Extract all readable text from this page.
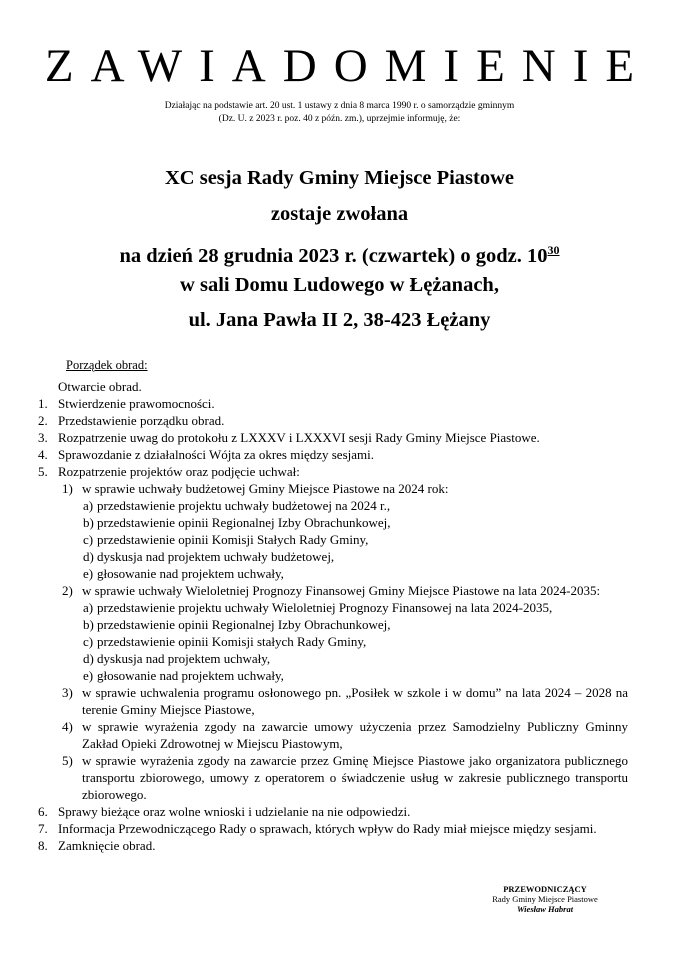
ZAWIADOMIENIE
Działając na podstawie art. 20 ust. 1 ustawy z dnia 8 marca 1990 r. o samorządzie gminnym
(Dz. U. z 2023 r. poz. 40 z późn. zm.), uprzejmie informuję, że:
XC sesja Rady Gminy Miejsce Piastowe
zostaje zwołana
na dzień 28 grudnia 2023 r. (czwartek) o godz. $10^{30}$
w sali Domu Ludowego w Łężanach,
ul. Jana Pawła II 2, 38-423 Łężany
Porządek obrad:
Otwarcie obrad.
1. Stwierdzenie prawomocności.
2. Przedstawienie porządku obrad.
3. Rozpatrzenie uwag do protokołu z LXXXV i LXXXVI sesji Rady Gminy Miejsce Piastowe.
4. Sprawozdanie z działalności Wójta za okres między sesjami.
5. Rozpatrzenie projektów oraz podjęcie uchwał:
1) w sprawie uchwały budżetowej Gminy Miejsce Piastowe na 2024 rok:
a) przedstawienie projektu uchwały budżetowej na 2024 r.,
b) przedstawienie opinii Regionalnej Izby Obrachunkowej,
c) przedstawienie opinii Komisji Stałych Rady Gminy,
d) dyskusja nad projektem uchwały budżetowej,
e) głosowanie nad projektem uchwały,
2) w sprawie uchwały Wieloletniej Prognozy Finansowej Gminy Miejsce Piastowe na lata 2024-2035:
a) przedstawienie projektu uchwały Wieloletniej Prognozy Finansowej na lata 2024-2035,
b) przedstawienie opinii Regionalnej Izby Obrachunkowej,
c) przedstawienie opinii Komisji stałych Rady Gminy,
d) dyskusja nad projektem uchwały,
e) głosowanie nad projektem uchwały,
3) w sprawie uchwalenia programu osłonowego pn. „Posiłek w szkole i w domu” na lata 2024 – 2028 na terenie Gminy Miejsce Piastowe,
4) w sprawie wyrażenia zgody na zawarcie umowy użyczenia przez Samodzielny Publiczny Gminny Zakład Opieki Zdrowotnej w Miejscu Piastowym,
5) w sprawie wyrażenia zgody na zawarcie przez Gminę Miejsce Piastowe jako organizatora publicznego transportu zbiorowego, umowy z operatorem o świadczenie usług w zakresie publicznego transportu zbiorowego.
6. Sprawy bieżące oraz wolne wnioski i udzielanie na nie odpowiedzi.
7. Informacja Przewodniczącego Rady o sprawach, których wpływ do Rady miał miejsce między sesjami.
8. Zamknięcie obrad.
PRZEWODNICZĄCY
Rady Gminy Miejsce Piastowe
Wiesław Habrat
